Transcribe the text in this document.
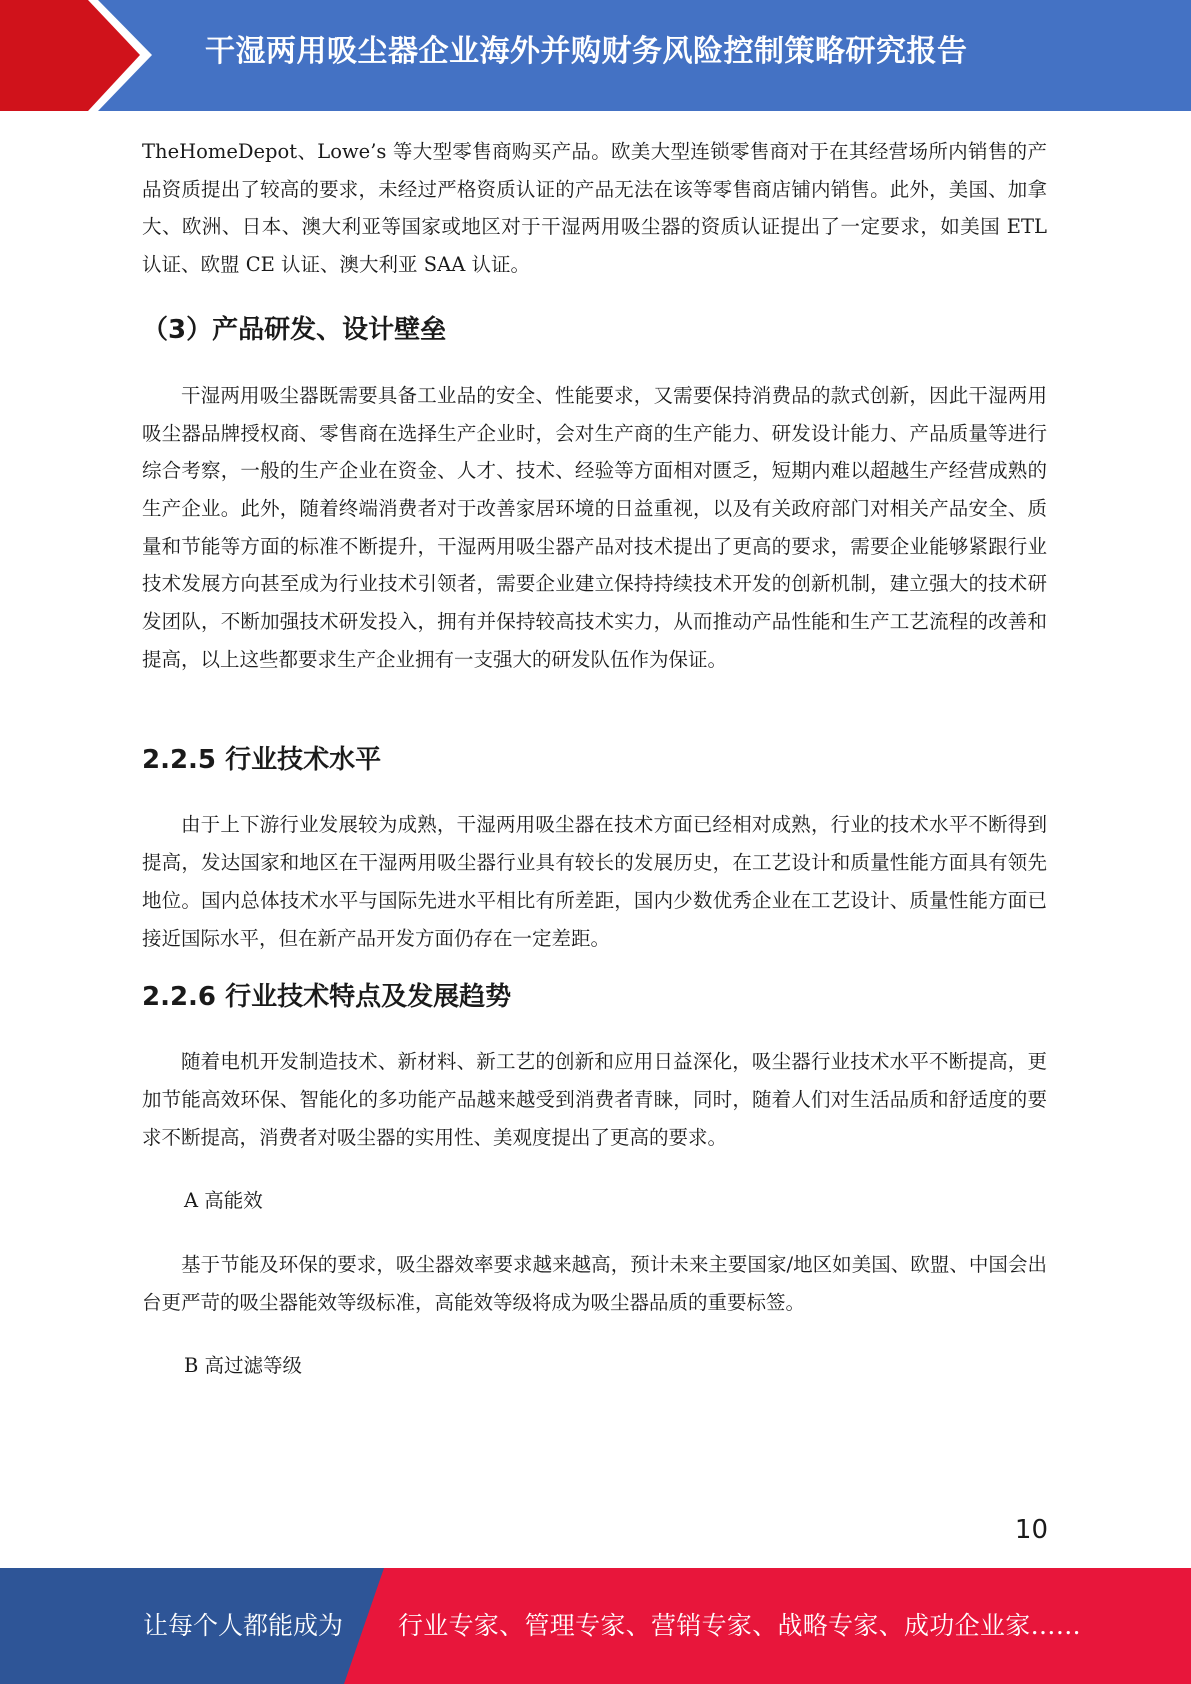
干湿两用吸尘器企业海外并购财务风险控制策略研究报告

TheHomeDepot、Lowe’s 等大型零售商购买产品。欧美大型连锁零售商对于在其经营场所内销售的产品资质提出了较高的要求，未经过严格资质认证的产品无法在该等零售商店铺内销售。此外，美国、加拿大、欧洲、日本、澳大利亚等国家或地区对于干湿两用吸尘器的资质认证提出了一定要求，如美国 ETL 认证、欧盟 CE 认证、澳大利亚 SAA 认证。

（3）产品研发、设计壁垒

干湿两用吸尘器既需要具备工业品的安全、性能要求，又需要保持消费品的款式创新，因此干湿两用吸尘器品牌授权商、零售商在选择生产企业时，会对生产商的生产能力、研发设计能力、产品质量等进行综合考察，一般的生产企业在资金、人才、技术、经验等方面相对匮乏，短期内难以超越生产经营成熟的生产企业。此外，随着终端消费者对于改善家居环境的日益重视，以及有关政府部门对相关产品安全、质量和节能等方面的标准不断提升，干湿两用吸尘器产品对技术提出了更高的要求，需要企业能够紧跟行业技术发展方向甚至成为行业技术引领者，需要企业建立保持持续技术开发的创新机制，建立强大的技术研发团队，不断加强技术研发投入，拥有并保持较高技术实力，从而推动产品性能和生产工艺流程的改善和提高，以上这些都要求生产企业拥有一支强大的研发队伍作为保证。

2.2.5 行业技术水平

由于上下游行业发展较为成熟，干湿两用吸尘器在技术方面已经相对成熟，行业的技术水平不断得到提高，发达国家和地区在干湿两用吸尘器行业具有较长的发展历史，在工艺设计和质量性能方面具有领先地位。国内总体技术水平与国际先进水平相比有所差距，国内少数优秀企业在工艺设计、质量性能方面已接近国际水平，但在新产品开发方面仍存在一定差距。

2.2.6 行业技术特点及发展趋势

随着电机开发制造技术、新材料、新工艺的创新和应用日益深化，吸尘器行业技术水平不断提高，更加节能高效环保、智能化的多功能产品越来越受到消费者青睐，同时，随着人们对生活品质和舒适度的要求不断提高，消费者对吸尘器的实用性、美观度提出了更高的要求。

A 高能效

基于节能及环保的要求，吸尘器效率要求越来越高，预计未来主要国家/地区如美国、欧盟、中国会出台更严苛的吸尘器能效等级标准，高能效等级将成为吸尘器品质的重要标签。

B 高过滤等级

10
让每个人都能成为 行业专家、管理专家、营销专家、战略专家、成功企业家……
